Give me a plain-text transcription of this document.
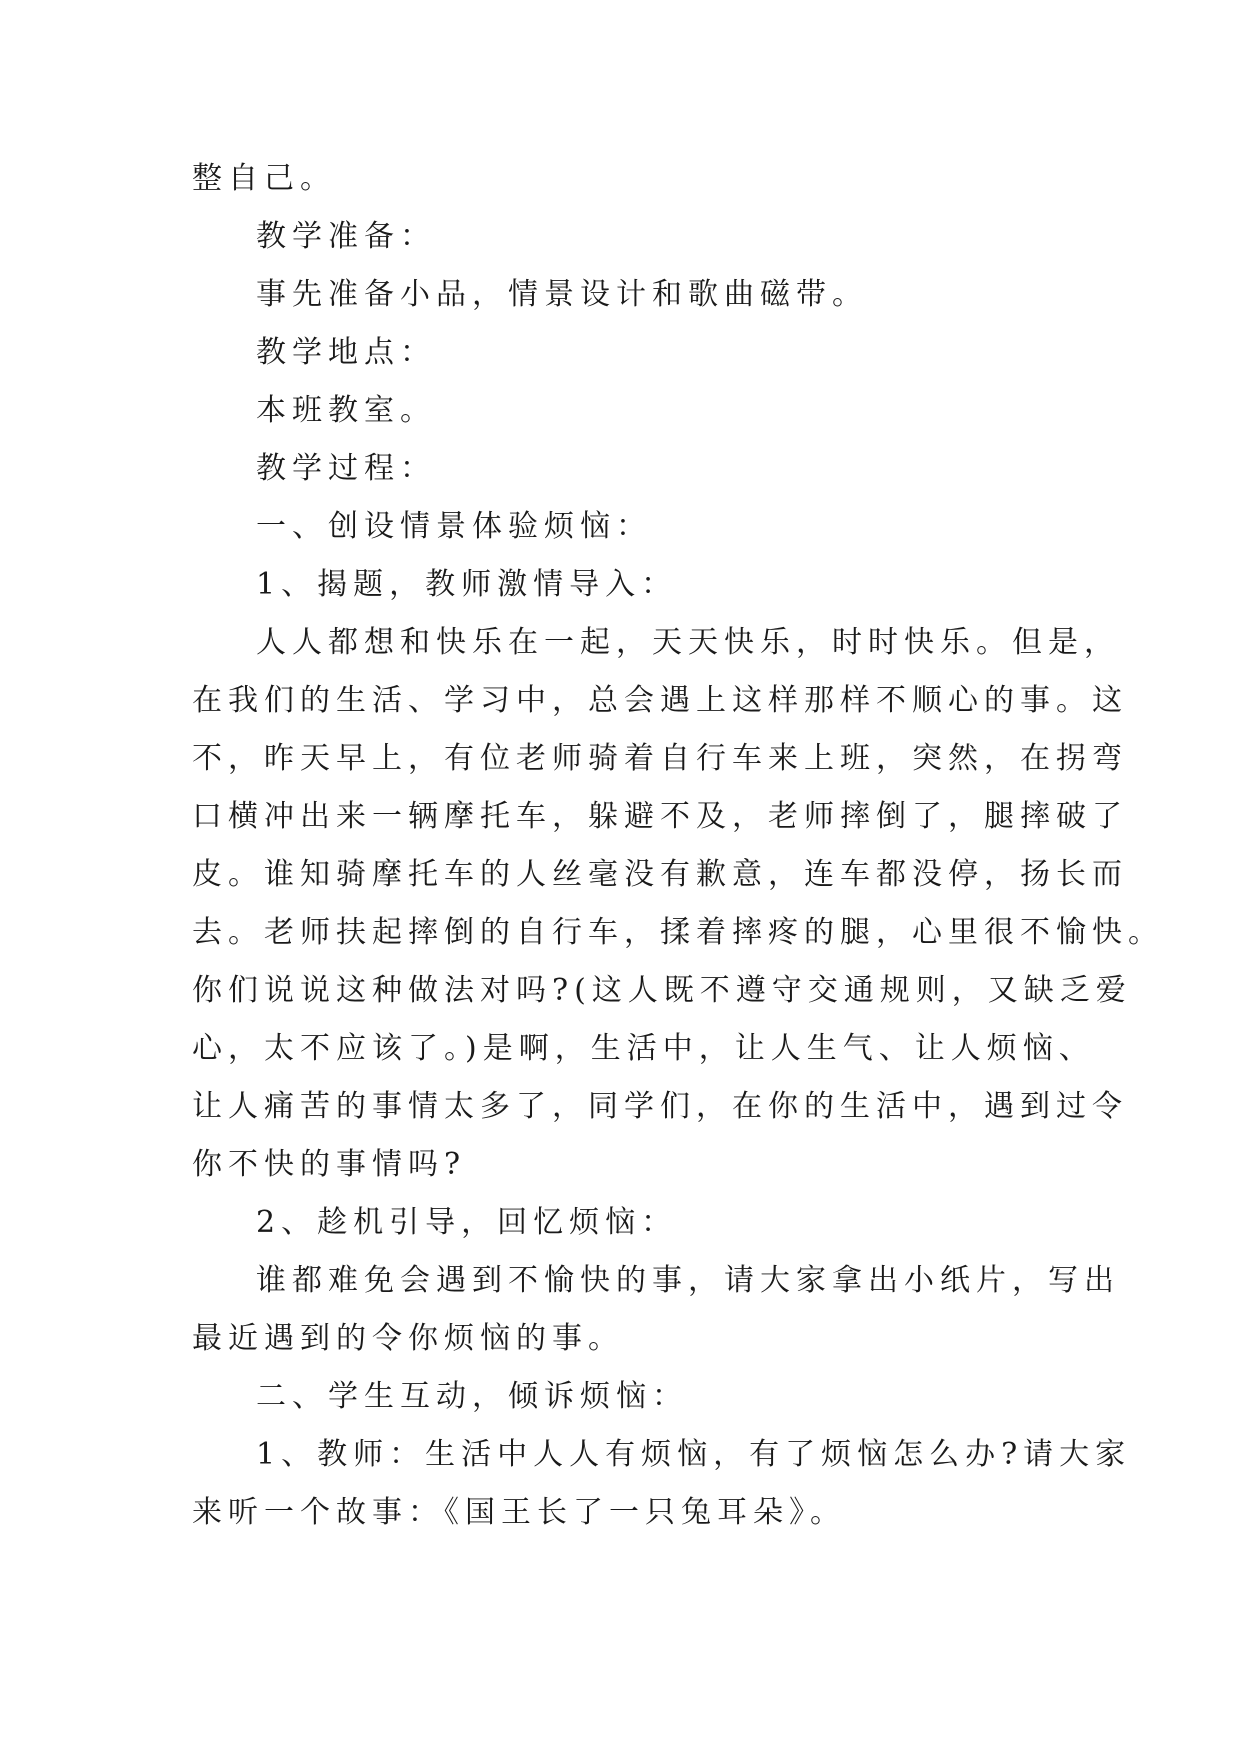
整自己。
教学准备：
事先准备小品，情景设计和歌曲磁带。
教学地点：
本班教室。
教学过程：
一、创设情景体验烦恼：
1、揭题，教师激情导入：
人人都想和快乐在一起，天天快乐，时时快乐。但是，
在我们的生活、学习中，总会遇上这样那样不顺心的事。这
不，昨天早上，有位老师骑着自行车来上班，突然，在拐弯
口横冲出来一辆摩托车，躲避不及，老师摔倒了，腿摔破了
皮。谁知骑摩托车的人丝毫没有歉意，连车都没停，扬长而
去。老师扶起摔倒的自行车，揉着摔疼的腿，心里很不愉快。
你们说说这种做法对吗?(这人既不遵守交通规则，又缺乏爱
心，太不应该了。)是啊，生活中，让人生气、让人烦恼、
让人痛苦的事情太多了，同学们，在你的生活中，遇到过令
你不快的事情吗?
2、趁机引导，回忆烦恼：
谁都难免会遇到不愉快的事，请大家拿出小纸片，写出
最近遇到的令你烦恼的事。
二、学生互动，倾诉烦恼：
1、教师：生活中人人有烦恼，有了烦恼怎么办?请大家
来听一个故事：《国王长了一只兔耳朵》。
